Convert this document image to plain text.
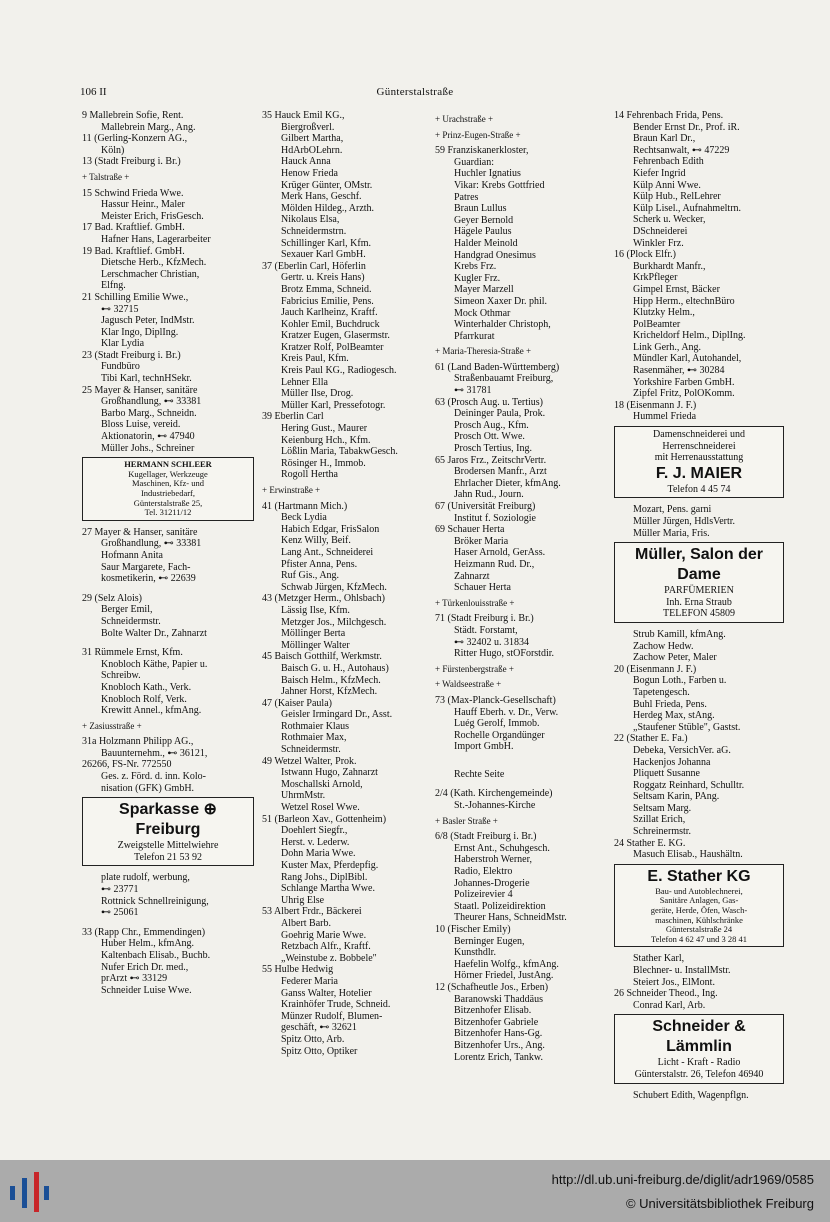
106 II	Günterstalstraße
9 Mallebrein Sofie, Rent.
Mallebrein Marg., Ang.
11 (Gerling-Konzern AG.,
Köln)
13 (Stadt Freiburg i. Br.)
+ Talstraße +
15 Schwind Frieda Wwe.
Hassur Heinr., Maler
Meister Erich, FrisGesch.
17 Bad. Kraftlief. GmbH.
Hafner Hans, Lagerarbeiter
19 Bad. Kraftlief. GmbH.
Dietsche Herb., KfzMech.
Lerschmacher Christian,
Elfng.
21 Schilling Emilie Wwe.,
⊷ 32715
Jagusch Peter, IndMstr.
Klar Ingo, DiplIng.
Klar Lydia
23 (Stadt Freiburg i. Br.)
Fundbüro
Tibi Karl, technHSekr.
25 Mayer & Hanser, sanitäre
Großhandlung, ⊷ 33381
Barbo Marg., Schneidn.
Bloss Luise, vereid.
Aktionatorin, ⊷ 47940
Müller Johs., Schreiner
HERMANN SCHLEER
Kugellager, Werkzeuge
Maschinen, Kfz- und
Industriebedarf,
Günterstalstraße 25,
Tel. 31211/12
27 Mayer & Hanser, sanitäre
Großhandlung, ⊷ 33381
Hofmann Anita
Saur Margarete, Fach-
kosmetikerin, ⊷ 22639
29 (Selz Alois)
Berger Emil,
Schneidermstr.
Bolte Walter Dr., Zahnarzt
31 Rümmele Ernst, Kfm.
Knobloch Käthe, Papier u.
Schreibw.
Knobloch Kath., Verk.
Knobloch Rolf, Verk.
Krewitt Annel., kfmAng.
+ Zasiusstraße +
31a Holzmann Philipp AG.,
Bauunternehm., ⊷ 36121,
26266, FS-Nr. 772550
Ges. z. Förd. d. inn. Kolo-
nisation (GFK) GmbH.
Sparkasse ⊕ Freiburg
Zweigstelle Mittelwiehre
Telefon 21 53 92
plate rudolf, werbung,
⊷ 23771
Rottnick Schnellreinigung,
⊷ 25061
33 (Rapp Chr., Emmendingen)
Huber Helm., kfmAng.
Kaltenbach Elisab., Buchb.
Nufer Erich Dr. med.,
prArzt ⊷ 33129
Schneider Luise Wwe.
35 Hauck Emil KG.,
Biergroßverl.
Gilbert Martha,
HdArbOLehrn.
Hauck Anna
Henow Frieda
Krüger Günter, OMstr.
Merk Hans, Geschf.
Mölden Hildeg., Arzth.
Nikolaus Elsa,
Schneidermstrn.
Schillinger Karl, Kfm.
Sexauer Karl GmbH.
37 (Eberlin Carl, Höferlin
Gertr. u. Kreis Hans)
Brotz Emma, Schneid.
Fabricius Emilie, Pens.
Jauch Karlheinz, Kraftf.
Kohler Emil, Buchdruck
Kratzer Eugen, Glasermstr.
Kratzer Rolf, PolBeamter
Kreis Paul, Kfm.
Kreis Paul KG., Radiogesch.
Lehner Ella
Müller Ilse, Drog.
Müller Karl, Pressefotogr.
39 Eberlin Carl
Hering Gust., Maurer
Keienburg Hch., Kfm.
Lößlin Maria, TabakwGesch.
Rösinger H., Immob.
Rogoll Hertha
+ Erwinstraße +
41 (Hartmann Mich.)
Beck Lydia
Habich Edgar, FrisSalon
Kenz Willy, Beif.
Lang Ant., Schneiderei
Pfister Anna, Pens.
Ruf Gis., Ang.
Schwab Jürgen, KfzMech.
43 (Metzger Herm., Ohlsbach)
Lässig Ilse, Kfm.
Metzger Jos., Milchgesch.
Möllinger Berta
Möllinger Walter
45 Baisch Gotthilf, Werkmstr.
Baisch G. u. H., Autohaus)
Baisch Helm., KfzMech.
Jahner Horst, KfzMech.
47 (Kaiser Paula)
Geisler Irmingard Dr., Asst.
Rothmaier Klaus
Rothmaier Max,
Schneidermstr.
49 Wetzel Walter, Prok.
Istwann Hugo, Zahnarzt
Moschallski Arnold,
UhrmMstr.
Wetzel Rosel Wwe.
51 (Barleon Xav., Gottenheim)
Doehlert Siegfr.,
Herst. v. Lederw.
Dohn Maria Wwe.
Kuster Max, Pferdepfig.
Rang Johs., DiplBibl.
Schlange Martha Wwe.
Uhrig Else
53 Albert Frdr., Bäckerei
Albert Barb.
Goehrig Marie Wwe.
Retzbach Alfr., Kraftf.
„Weinstube z. Bobbele"
55 Hulbe Hedwig
Federer Maria
Ganss Walter, Hotelier
Krainhöfer Trude, Schneid.
Münzer Rudolf, Blumen-
geschäft, ⊷ 32621
Spitz Otto, Arb.
Spitz Otto, Optiker
+ Urachstraße +
+ Prinz-Eugen-Straße +
59 Franziskanerkloster,
Guardian:
Huchler Ignatius
Vikar: Krebs Gottfried
Patres
Braun Lullus
Geyer Bernold
Hägele Paulus
Halder Meinold
Handgrad Onesimus
Krebs Frz.
Kugler Frz.
Mayer Marzell
Simeon Xaxer Dr. phil.
Mock Othmar
Winterhalder Christoph,
Pfarrkurat
+ Maria-Theresia-Straße +
61 (Land Baden-Württemberg)
Straßenbauamt Freiburg,
⊷ 31781
63 (Prosch Aug. u. Tertius)
Deininger Paula, Prok.
Prosch Aug., Kfm.
Prosch Ott. Wwe.
Prosch Tertius, Ing.
65 Jaros Frz., ZeitschrVertr.
Brodersen Manfr., Arzt
Ehrlacher Dieter, kfmAng.
Jahn Rud., Journ.
67 (Universität Freiburg)
Institut f. Soziologie
69 Schauer Herta
Bröker Maria
Haser Arnold, GerAss.
Heizmann Rud. Dr.,
Zahnarzt
Schauer Herta
+ Türkenlouisstraße +
71 (Stadt Freiburg i. Br.)
Städt. Forstamt,
⊷ 32402 u. 31834
Ritter Hugo, stOForstdir.
+ Fürstenbergstraße +
+ Waldseestraße +
73 (Max-Planck-Gesellschaft)
Hauff Eberh. v. Dr., Verw.
Luég Gerolf, Immob.
Rochelle Organdünger
Import GmbH.
Rechte Seite
2/4 (Kath. Kirchengemeinde)
St.-Johannes-Kirche
+ Basler Straße +
6/8 (Stadt Freiburg i. Br.)
Ernst Ant., Schuhgesch.
Haberstroh Werner,
Radio, Elektro
Johannes-Drogerie
Polizeirevier 4
Staatl. Polizeidirektion
Theurer Hans, SchneidMstr.
10 (Fischer Emily)
Berninger Eugen,
Kunsthdlr.
Haefelin Wolfg., kfmAng.
Hörner Friedel, JustAng.
12 (Schafheutle Jos., Erben)
Baranowski Thaddäus
Bitzenhofer Elisab.
Bitzenhofer Gabriele
Bitzenhofer Hans-Gg.
Bitzenhofer Urs., Ang.
Lorentz Erich, Tankw.
14 Fehrenbach Frida, Pens.
Bender Ernst Dr., Prof. iR.
Braun Karl Dr.,
Rechtsanwalt, ⊷ 47229
Fehrenbach Edith
Kiefer Ingrid
Külp Anni Wwe.
Külp Hub., RelLehrer
Külp Lisel., Aufnahmeltrn.
Scherk u. Wecker,
DSchneiderei
Winkler Frz.
16 (Plock Elfr.)
Burkhardt Manfr.,
KrkPfleger
Gimpel Ernst, Bäcker
Hipp Herm., eltechnBüro
Klutzky Helm.,
PolBeamter
Kricheldorf Helm., DiplIng.
Link Gerh., Ang.
Mündler Karl, Autohandel,
Rasenmäher, ⊷ 30284
Yorkshire Farben GmbH.
Zipfel Fritz, PolOKomm.
18 (Eisenmann J. F.)
Hummel Frieda
Damenschneiderei und
Herrenschneiderei
mit Herrenausstattung
F. J. MAIER
Telefon 4 45 74
Mozart, Pens. garni
Müller Jürgen, HdlsVertr.
Müller Maria, Fris.
Müller, Salon der Dame
PARFÜMERIEN
Inh. Erna Straub
TELEFON 45809
Strub Kamill, kfmAng.
Zachow Hedw.
Zachow Peter, Maler
20 (Eisenmann J. F.)
Bogun Loth., Farben u.
Tapetengesch.
Buhl Frieda, Pens.
Herdeg Max, stAng.
„Staufener Stüble", Gastst.
22 (Stather E. Fa.)
Debeka, VersichVer. aG.
Hackenjos Johanna
Pliquett Susanne
Roggatz Reinhard, Schulltr.
Seltsam Karin, PAng.
Seltsam Marg.
Szillat Erich,
Schreinermstr.
24 Stather E. KG.
Masuch Elisab., Haushältn.
E. Stather KG
Bau- und Autoblechnerei,
Sanitäre Anlagen, Gas-
geräte, Herde, Öfen, Wasch-
maschinen, Kühlschränke
Günterstalstraße 24
Telefon 4 62 47 und 3 28 41
Stather Karl,
Blechner- u. InstallMstr.
Steiert Jos., ElMont.
26 Schneider Theod., Ing.
Conrad Karl, Arb.
Schneider & Lämmlin
Licht - Kraft - Radio
Günterstalstr. 26, Telefon 46940
Schubert Edith, Wagenpflgn.
http://dl.ub.uni-freiburg.de/diglit/adr1969/0585
© Universitätsbibliothek Freiburg
